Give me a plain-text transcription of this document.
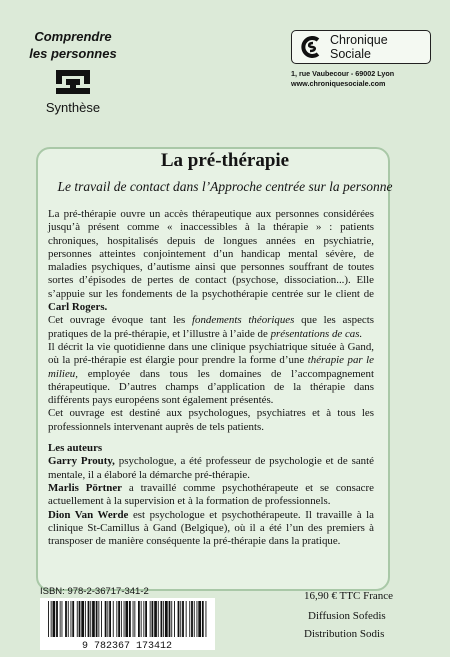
Comprendre
les personnes
Synthèse
Chronique
Sociale
1, rue Vaubecour - 69002 Lyon
www.chroniquesociale.com
La pré-thérapie
Le travail de contact dans l’Approche centrée sur la personne

La pré-thérapie ouvre un accès thérapeutique aux personnes considérées jusqu’à présent comme « inaccessibles à la thérapie » : patients chroniques, hospitalisés depuis de longues années en psychiatrie, personnes atteintes conjointement d’un handicap mental sévère, de maladies psychiques, d’autisme ainsi que personnes souffrant de toutes sortes d’épisodes de pertes de contact (psychose, dissociation...). Elle s’appuie sur les fondements de la psychothérapie centrée sur le client de Carl Rogers.

Cet ouvrage évoque tant les fondements théoriques que les aspects pratiques de la pré-thérapie, et l’illustre à l’aide de présentations de cas.

Il décrit la vie quotidienne dans une clinique psychiatrique située à Gand, où la pré-thérapie est élargie pour prendre la forme d’une thérapie par le milieu, employée dans tous les domaines de l’accompagnement thérapeutique. D’autres champs d’application de la thérapie dans différents pays européens sont également présentés.

Cet ouvrage est destiné aux psychologues, psychiatres et à tous les professionnels intervenant auprès de tels patients.

Les auteurs

Garry Prouty, psychologue, a été professeur de psychologie et de santé mentale, il a élaboré la démarche pré-thérapie.

Marlis Pörtner a travaillé comme psychothérapeute et se consacre actuellement à la supervision et à la formation de professionnels.

Dion Van Werde est psychologue et psychothérapeute. Il travaille à la clinique St-Camillus à Gand (Belgique), où il a été l’un des premiers à transposer de manière conséquente la pré-thérapie dans la pratique.

ISBN: 978-2-36717-341-2
9 782367 173412
16,90 € TTC France
Diffusion Sofedis
Distribution Sodis
